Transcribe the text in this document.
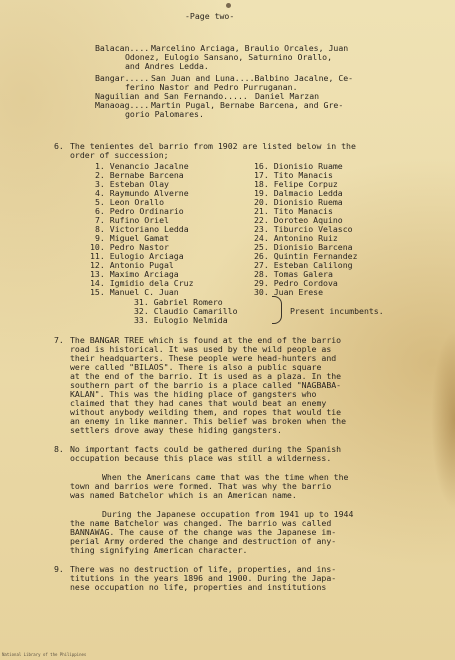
-Page two-
Balacan.... Marcelino Arciaga, Braulio Orcales, Juan
Odonez, Eulogio Sansano, Saturnino Orallo,
and Andres Ledda.
Bangar..... San Juan and Luna....Balbino Jacalne, Ce-
ferino Nastor and Pedro Purruganan.
Naguilian and San Fernando..... Daniel Marzan
Manaoag.... Martin Pugal, Bernabe Barcena, and Gre-
gorio Palomares.
6. The tenientes del barrio from 1902 are listed below in the
order of succession;
1. Venancio Jacalne
2. Bernabe Barcena
3. Esteban Olay
4. Raymundo Alverne
5. Leon Orallo
6. Pedro Ordinario
7. Rufino Oriel
8. Victoriano Ledda
9. Miguel Gamat
10. Pedro Nastor
11. Eulogio Arciaga
12. Antonio Pugal
13. Maximo Arciaga
14. Igmidio dela Cruz
15. Manuel C. Juan
16. Dionisio Ruame
17. Tito Manacis
18. Felipe Corpuz
19. Dalmacio Ledda
20. Dionisio Ruema
21. Tito Manacis
22. Doroteo Aquino
23. Tiburcio Velasco
24. Antonino Ruiz
25. Dionisio Barcena
26. Quintin Fernandez
27. Esteban Calilong
28. Tomas Galera
29. Pedro Cordova
30. Juan Erese
31. Gabriel Romero
32. Claudio Camarillo
33. Eulogio Nelmida
Present incumbents.
7. The BANGAR TREE which is found at the end of the barrio
road is historical. It was used by the wild people as
their headquarters. These people were head-hunters and
were called "BILAOS". There is also a public square
at the end of the barrio. It is used as a plaza. In the
southern part of the barrio is a place called "NAGBABA-
KALAN". This was the hiding place of gangsters who
claimed that they had canes that would beat an enemy
without anybody weilding them, and ropes that would tie
an enemy in like manner. This belief was broken when the
settlers drove away these hiding gangsters.
8. No important facts could be gathered during the Spanish
occupation because this place was still a wilderness.
When the Americans came that was the time when the
town and barrios were formed. That was why the barrio
was named Batchelor which is an American name.
During the Japanese occupation from 1941 up to 1944
the name Batchelor was changed. The barrio was called
BANNAWAG. The cause of the change was the Japanese im-
perial Army ordered the change and destruction of any-
thing signifying American character.
9. There was no destruction of life, properties, and ins-
titutions in the years 1896 and 1900. During the Japa-
nese occupation no life, properties and institutions
National Library of the Philippines
